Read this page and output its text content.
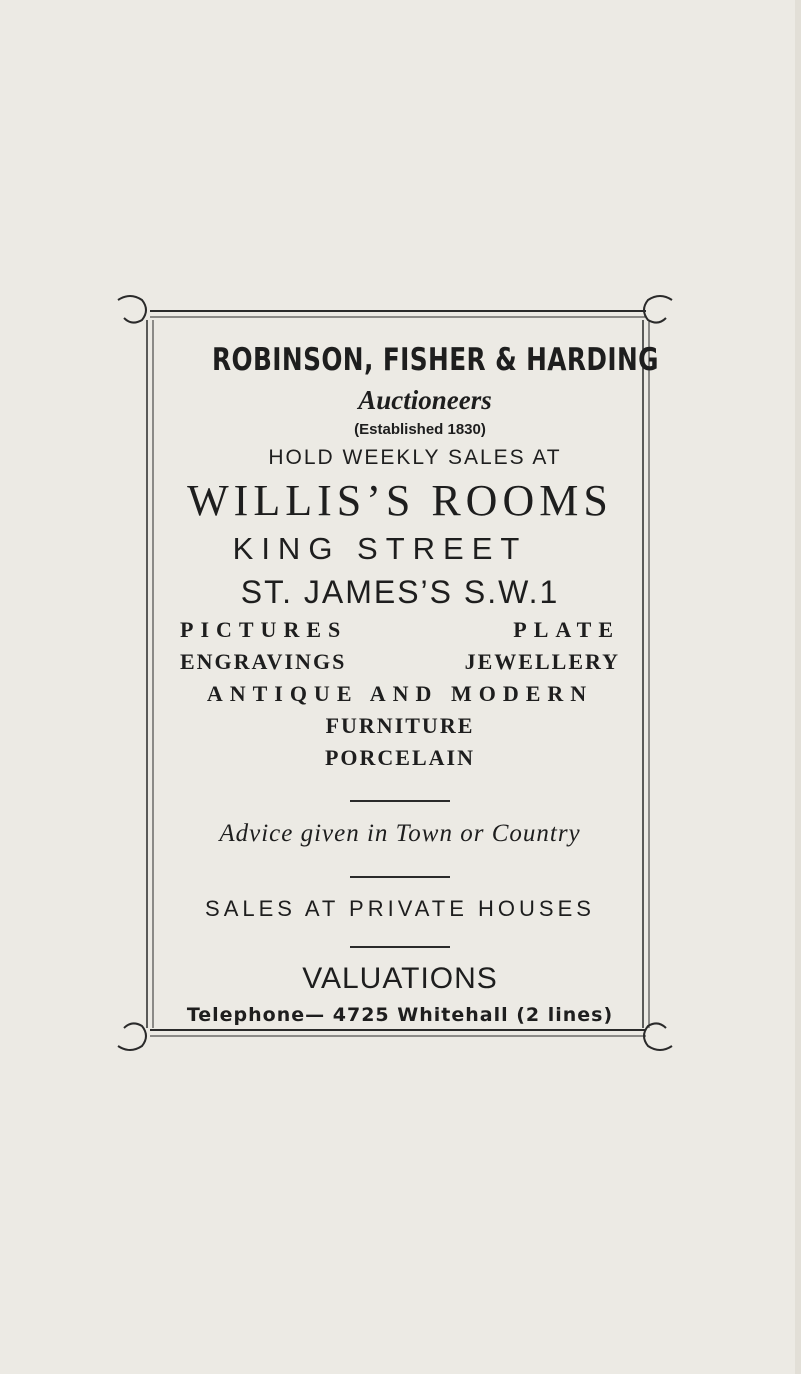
ROBINSON, FISHER & HARDING
Auctioneers
(Established 1830)
HOLD WEEKLY SALES AT
WILLIS’S ROOMS
KING STREET
ST. JAMES’S S.W.1
PICTURES	PLATE
ENGRAVINGS	JEWELLERY
ANTIQUE AND MODERN
FURNITURE
PORCELAIN
Advice given in Town or Country
SALES AT PRIVATE HOUSES
VALUATIONS
Telephone— 4725 Whitehall (2 lines)
